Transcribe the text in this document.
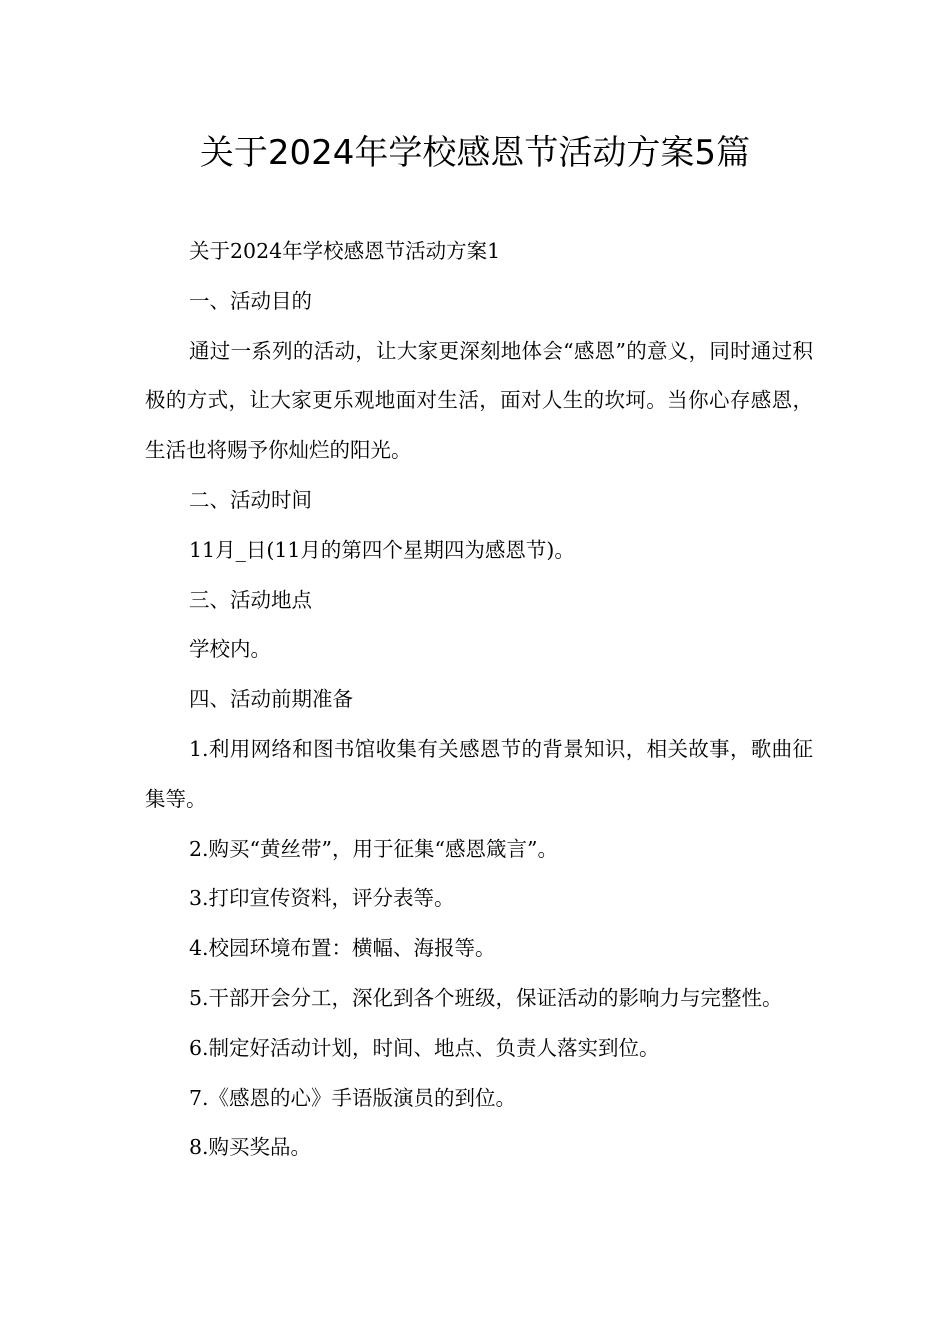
关于2024年学校感恩节活动方案5篇

关于2024年学校感恩节活动方案1

一、活动目的

通过一系列的活动，让大家更深刻地体会“感恩”的意义，同时通过积极的方式，让大家更乐观地面对生活，面对人生的坎坷。当你心存感恩，生活也将赐予你灿烂的阳光。

二、活动时间

11月_日(11月的第四个星期四为感恩节)。

三、活动地点

学校内。

四、活动前期准备

1.利用网络和图书馆收集有关感恩节的背景知识，相关故事，歌曲征集等。

2.购买“黄丝带”，用于征集“感恩箴言”。

3.打印宣传资料，评分表等。

4.校园环境布置：横幅、海报等。

5.干部开会分工，深化到各个班级，保证活动的影响力与完整性。

6.制定好活动计划，时间、地点、负责人落实到位。

7.《感恩的心》手语版演员的到位。

8.购买奖品。
